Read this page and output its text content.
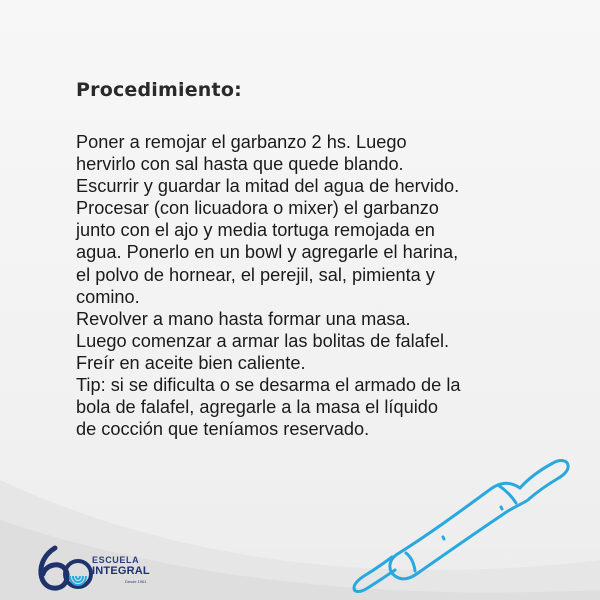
Procedimiento:
Poner a remojar el garbanzo 2 hs. Luego
hervirlo con sal hasta que quede blando.
Escurrir y guardar la mitad del agua de hervido.
Procesar (con licuadora o mixer) el garbanzo
junto con el ajo y media tortuga remojada en
agua. Ponerlo en un bowl y agregarle el harina,
el polvo de hornear, el perejil, sal, pimienta y
comino.
Revolver a mano hasta formar una masa.
Luego comenzar a armar las bolitas de falafel.
Freír en aceite bien caliente.
Tip: si se dificulta o se desarma el armado de la
bola de falafel, agregarle a la masa el líquido
de cocción que teníamos reservado.
ESCUELA
INTEGRAL
Desde 1961
